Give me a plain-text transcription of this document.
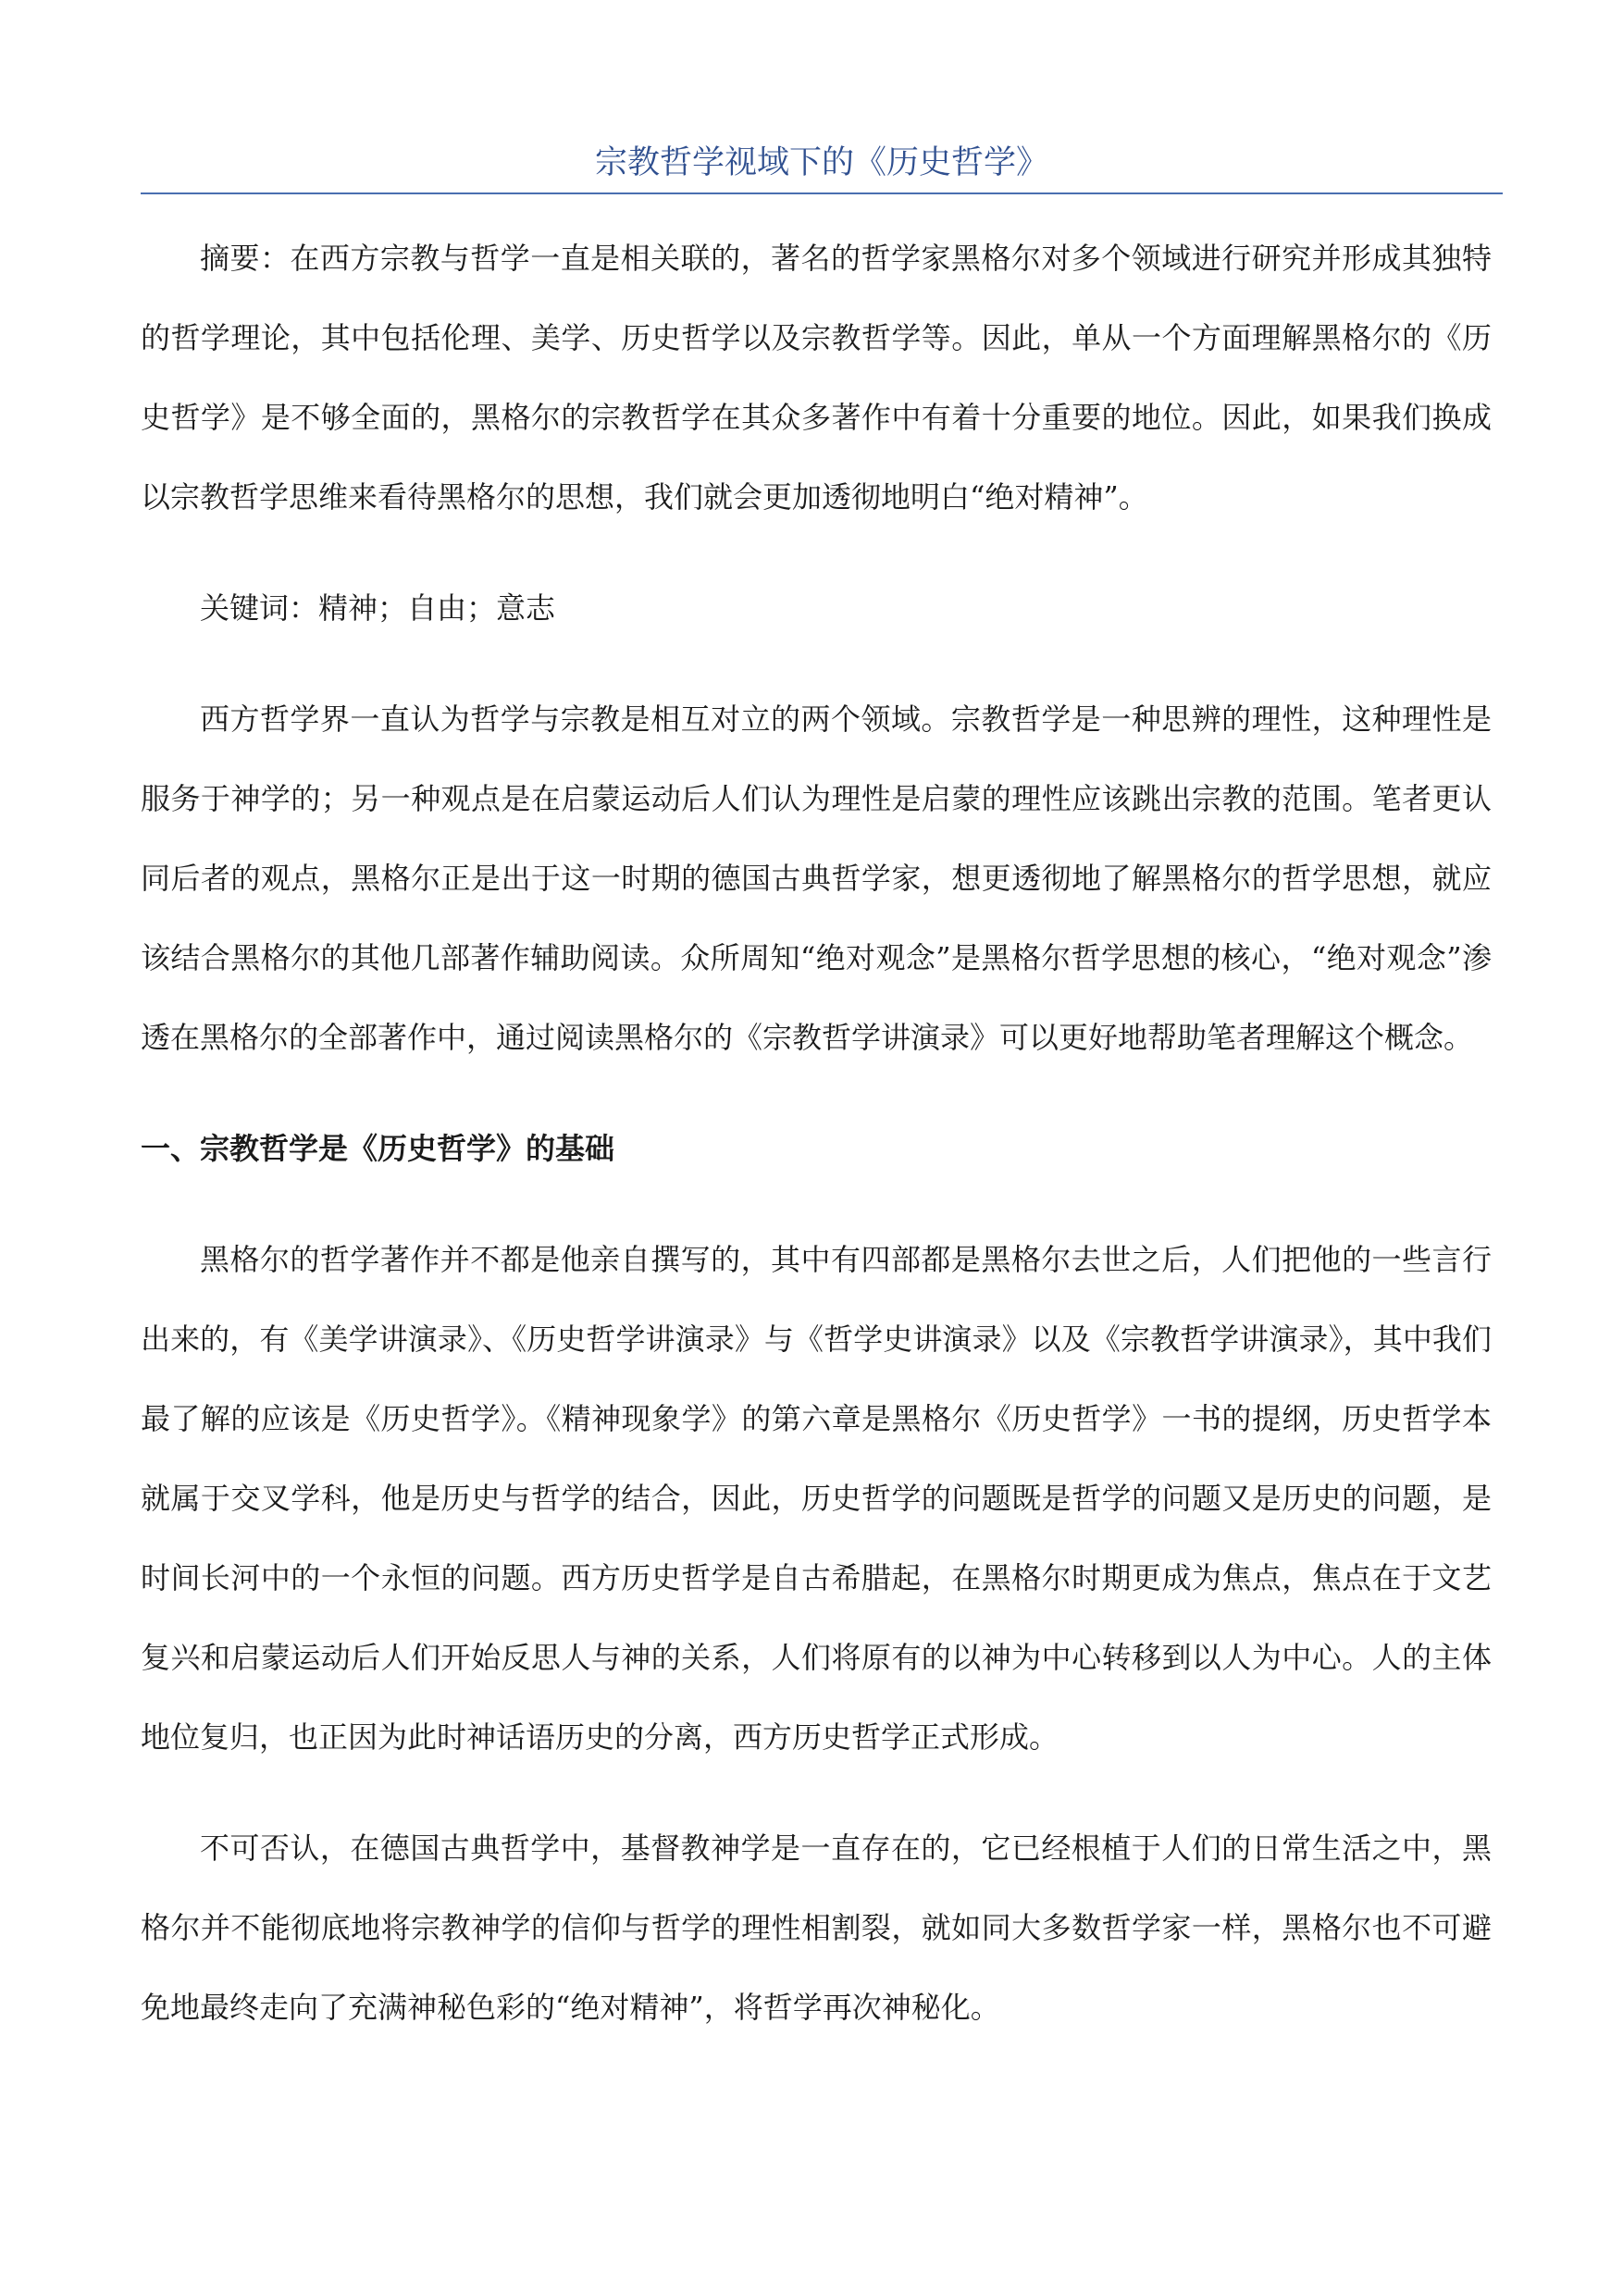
宗教哲学视域下的《历史哲学》

摘要：在西方宗教与哲学一直是相关联的，著名的哲学家黑格尔对多个领域进行研究并形成其独特的哲学理论，其中包括伦理、美学、历史哲学以及宗教哲学等。因此，单从一个方面理解黑格尔的《历史哲学》是不够全面的，黑格尔的宗教哲学在其众多著作中有着十分重要的地位。因此，如果我们换成以宗教哲学思维来看待黑格尔的思想，我们就会更加透彻地明白“绝对精神”。

关键词：精神；自由；意志

西方哲学界一直认为哲学与宗教是相互对立的两个领域。宗教哲学是一种思辨的理性，这种理性是服务于神学的；另一种观点是在启蒙运动后人们认为理性是启蒙的理性应该跳出宗教的范围。笔者更认同后者的观点，黑格尔正是出于这一时期的德国古典哲学家，想更透彻地了解黑格尔的哲学思想，就应该结合黑格尔的其他几部著作辅助阅读。众所周知“绝对观念”是黑格尔哲学思想的核心，“绝对观念”渗透在黑格尔的全部著作中，通过阅读黑格尔的《宗教哲学讲演录》可以更好地帮助笔者理解这个概念。

一、宗教哲学是《历史哲学》的基础

黑格尔的哲学著作并不都是他亲自撰写的，其中有四部都是黑格尔去世之后，人们把他的一些言行出来的，有《美学讲演录》、《历史哲学讲演录》与《哲学史讲演录》以及《宗教哲学讲演录》，其中我们最了解的应该是《历史哲学》。《精神现象学》的第六章是黑格尔《历史哲学》一书的提纲，历史哲学本就属于交叉学科，他是历史与哲学的结合，因此，历史哲学的问题既是哲学的问题又是历史的问题，是时间长河中的一个永恒的问题。西方历史哲学是自古希腊起，在黑格尔时期更成为焦点，焦点在于文艺复兴和启蒙运动后人们开始反思人与神的关系，人们将原有的以神为中心转移到以人为中心。人的主体地位复归，也正因为此时神话语历史的分离，西方历史哲学正式形成。

不可否认，在德国古典哲学中，基督教神学是一直存在的，它已经根植于人们的日常生活之中，黑格尔并不能彻底地将宗教神学的信仰与哲学的理性相割裂，就如同大多数哲学家一样，黑格尔也不可避免地最终走向了充满神秘色彩的“绝对精神”，将哲学再次神秘化。
